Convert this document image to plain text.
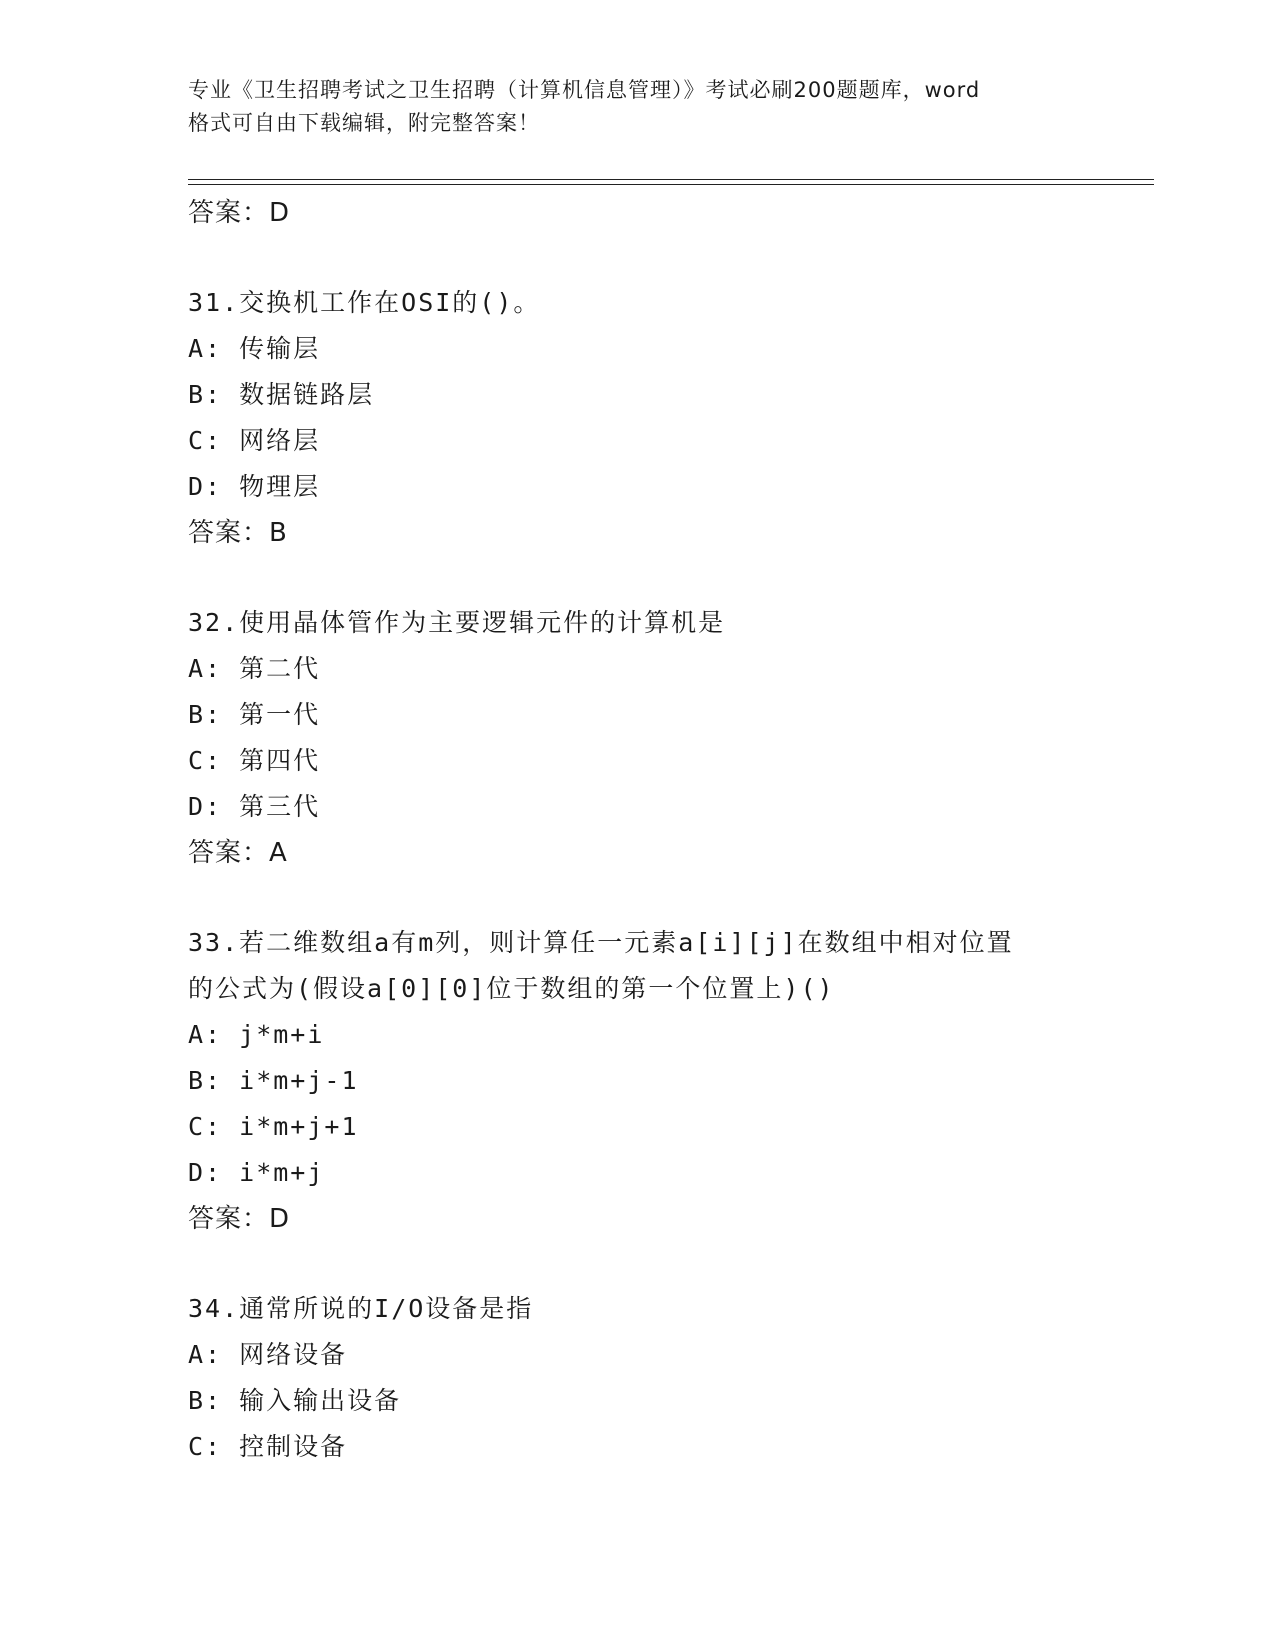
专业《卫生招聘考试之卫生招聘（计算机信息管理）》考试必刷200题题库，word
格式可自由下载编辑，附完整答案！
答案：D
31.交换机工作在OSI的()。
A: 传输层
B: 数据链路层
C: 网络层
D: 物理层
答案：B
32.使用晶体管作为主要逻辑元件的计算机是
A: 第二代
B: 第一代
C: 第四代
D: 第三代
答案：A
33.若二维数组a有m列，则计算任一元素a[i][j]在数组中相对位置
的公式为(假设a[0][0]位于数组的第一个位置上)()
A: j*m+i
B: i*m+j-1
C: i*m+j+1
D: i*m+j
答案：D
34.通常所说的I/O设备是指
A: 网络设备
B: 输入输出设备
C: 控制设备
